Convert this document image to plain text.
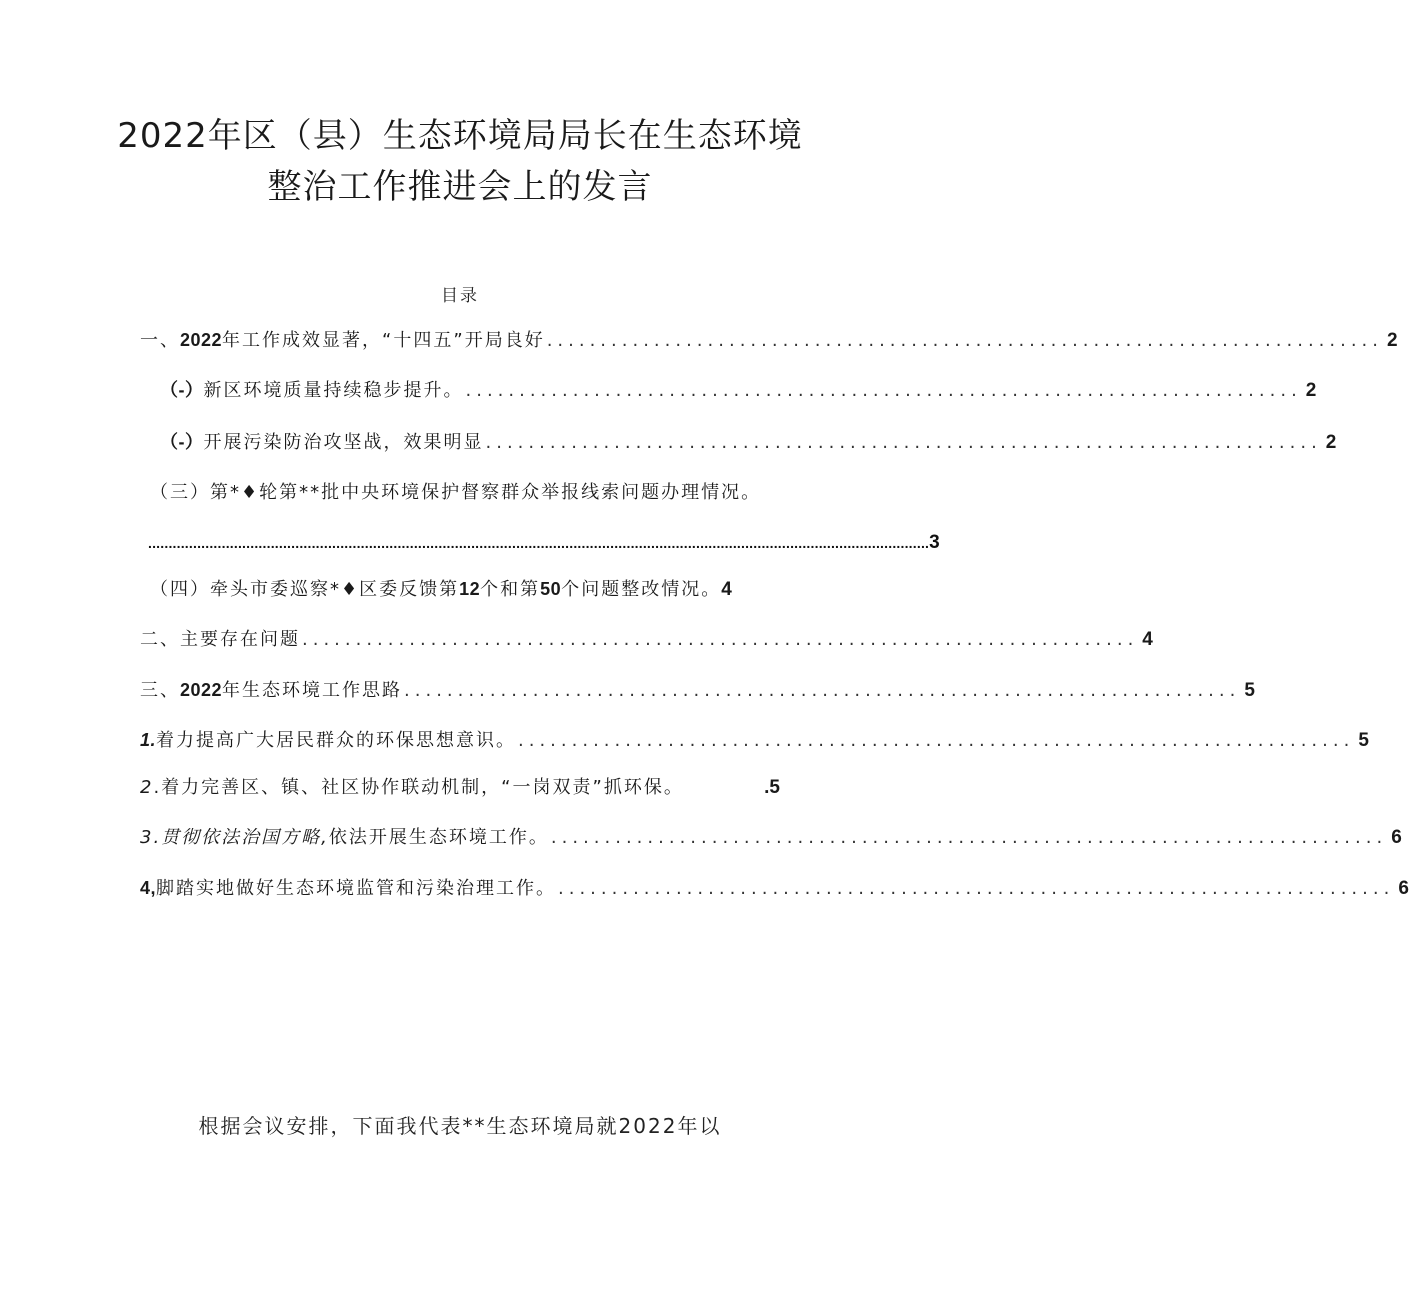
2022年区（县）生态环境局局长在生态环境
整治工作推进会上的发言
目录
一、2022年工作成效显著，“十四五”开局良好 .............................................................................. 2
（-）新区环境质量持续稳步提升。 .............................................................................. 2
（-）开展污染防治攻坚战，效果明显 .............................................................................. 2
（三）第*♦轮第**批中央环境保护督察群众举报线索问题办理情况。
............................................................................................................................................................................................... 3
（四）牵头市委巡察*♦区委反馈第12个和第50个问题整改情况。 4
二、主要存在问题 .............................................................................. 4
三、2022年生态环境工作思路 .............................................................................. 5
1.着力提高广大居民群众的环保思想意识。 .............................................................................. 5
2.着力完善区、镇、社区协作联动机制，“一岗双责”抓环保。	.5
3.贯彻依法治国方略,依法开展生态环境工作。 .............................................................................. 6
4,脚踏实地做好生态环境监管和污染治理工作。 .............................................................................. 6
根据会议安排，下面我代表**生态环境局就2022年以
